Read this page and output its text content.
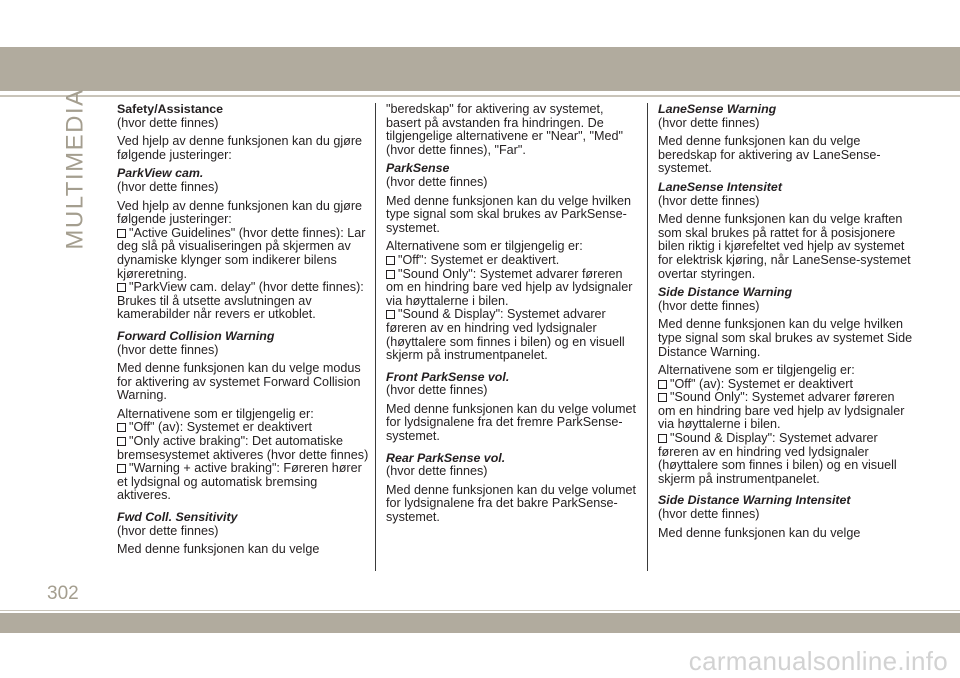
MULTIMEDIA Safety/Assistance

(hvor dette finnes)

Ved hjelp av denne funksjonen kan du gjøre følgende justeringer:

ParkView cam.

(hvor dette finnes)

Ved hjelp av denne funksjonen kan du gjøre følgende justeringer:

"Active Guidelines" (hvor dette finnes): Lar deg slå på visualiseringen på skjermen av dynamiske klynger som indikerer bilens kjøreretning.
"ParkView cam. delay" (hvor dette finnes): Brukes til å utsette avslutningen av kamerabilder når revers er utkoblet.
Forward Collision Warning

(hvor dette finnes)

Med denne funksjonen kan du velge modus for aktivering av systemet Forward Collision Warning.

Alternativene som er tilgjengelig er:

"Off" (av): Systemet er deaktivert
"Only active braking": Det automatiske bremsesystemet aktiveres (hvor dette finnes)
"Warning + active braking": Føreren hører et lydsignal og automatisk bremsing aktiveres.
Fwd Coll. Sensitivity

(hvor dette finnes)

Med denne funksjonen kan du velge

"beredskap" for aktivering av systemet, basert på avstanden fra hindringen. De tilgjengelige alternativene er "Near", "Med" (hvor dette finnes), "Far".

ParkSense

(hvor dette finnes)

Med denne funksjonen kan du velge hvilken type signal som skal brukes av ParkSense-systemet.

Alternativene som er tilgjengelig er:

"Off": Systemet er deaktivert.
"Sound Only": Systemet advarer føreren om en hindring bare ved hjelp av lydsignaler via høyttalerne i bilen.
"Sound & Display": Systemet advarer føreren av en hindring ved lydsignaler (høyttalere som finnes i bilen) og en visuell skjerm på instrumentpanelet.
Front ParkSense vol.

(hvor dette finnes)

Med denne funksjonen kan du velge volumet for lydsignalene fra det fremre ParkSense-systemet.

Rear ParkSense vol.

(hvor dette finnes)

Med denne funksjonen kan du velge volumet for lydsignalene fra det bakre ParkSense-systemet.

LaneSense Warning

(hvor dette finnes)

Med denne funksjonen kan du velge beredskap for aktivering av LaneSense-systemet.

LaneSense Intensitet

(hvor dette finnes)

Med denne funksjonen kan du velge kraften som skal brukes på rattet for å posisjonere bilen riktig i kjørefeltet ved hjelp av systemet for elektrisk kjøring, når LaneSense-systemet overtar styringen.

Side Distance Warning

(hvor dette finnes)

Med denne funksjonen kan du velge hvilken type signal som skal brukes av systemet Side Distance Warning.

Alternativene som er tilgjengelig er:

"Off" (av): Systemet er deaktivert
"Sound Only": Systemet advarer føreren om en hindring bare ved hjelp av lydsignaler via høyttalerne i bilen.
"Sound & Display": Systemet advarer føreren av en hindring ved lydsignaler (høyttalere som finnes i bilen) og en visuell skjerm på instrumentpanelet.
Side Distance Warning Intensitet

(hvor dette finnes)

Med denne funksjonen kan du velge

302
carmanualsonline.info
